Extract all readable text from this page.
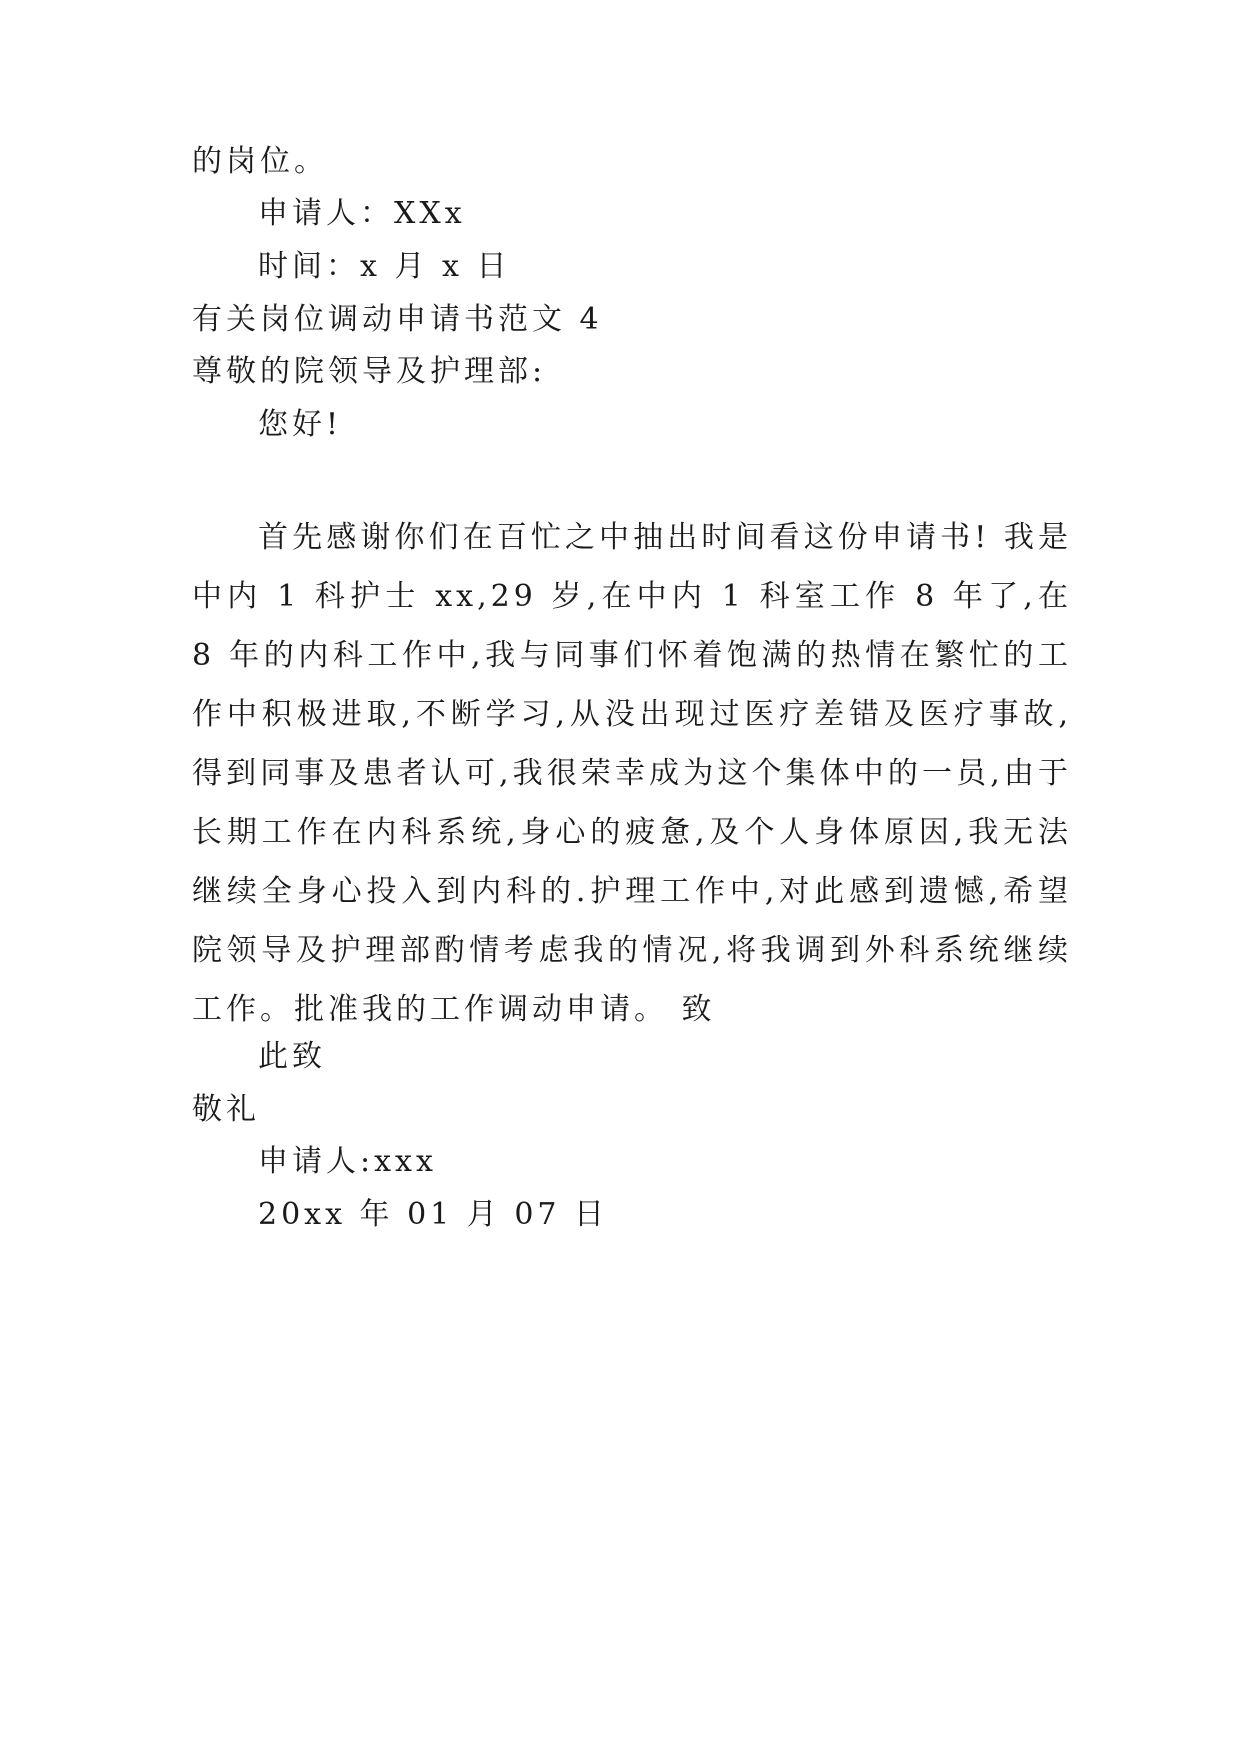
的岗位。
申请人：XXx
时间：x 月 x 日
有关岗位调动申请书范文 4
尊敬的院领导及护理部:
您好!
首先感谢你们在百忙之中抽出时间看这份申请书! 我是中内 1 科护士 xx,29 岁,在中内 1 科室工作 8 年了,在 8 年的内科工作中,我与同事们怀着饱满的热情在繁忙的工作中积极进取,不断学习,从没出现过医疗差错及医疗事故,得到同事及患者认可,我很荣幸成为这个集体中的一员,由于长期工作在内科系统,身心的疲惫,及个人身体原因,我无法继续全身心投入到内科的.护理工作中,对此感到遗憾,希望院领导及护理部酌情考虑我的情况,将我调到外科系统继续工作。批准我的工作调动申请。 致
此致
敬礼
申请人:xxx
20xx 年 01 月 07 日
